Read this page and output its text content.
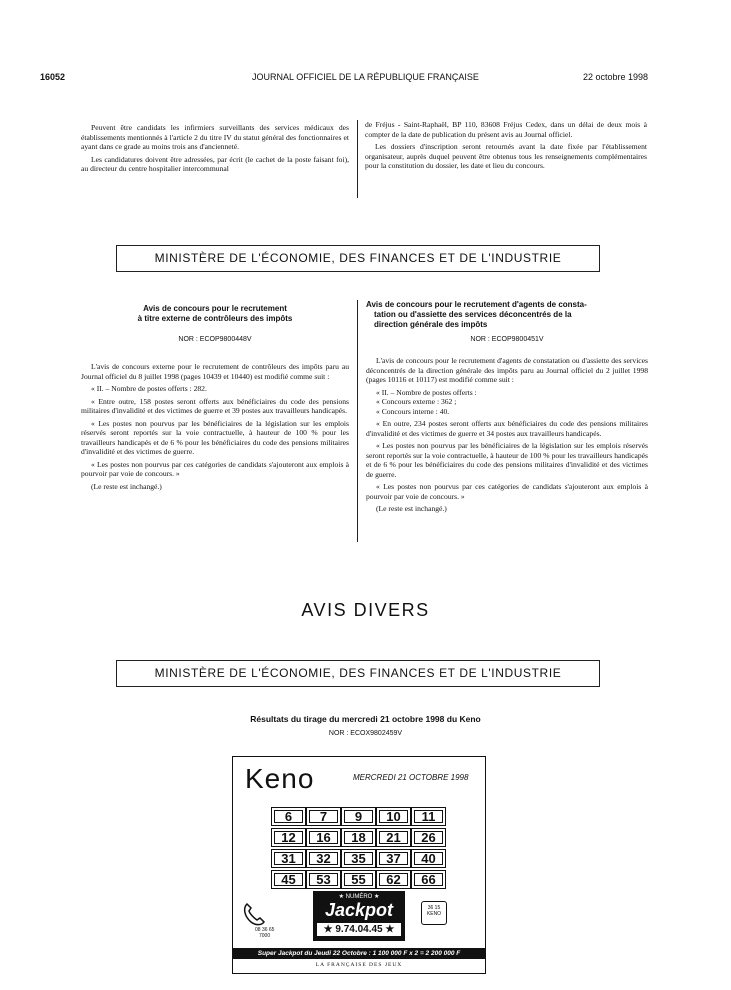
16052	JOURNAL OFFICIEL DE LA RÉPUBLIQUE FRANÇAISE	22 octobre 1998

Peuvent être candidats les infirmiers surveillants des services médicaux des établissements mentionnés à l'article 2 du titre IV du statut général des fonctionnaires et ayant dans ce grade au moins trois ans d'ancienneté.

Les candidatures doivent être adressées, par écrit (le cachet de la poste faisant foi), au directeur du centre hospitalier intercommunal

de Fréjus - Saint-Raphaël, BP 110, 83608 Fréjus Cedex, dans un délai de deux mois à compter de la date de publication du présent avis au Journal officiel.

Les dossiers d'inscription seront retournés avant la date fixée par l'établissement organisateur, auprès duquel peuvent être obtenus tous les renseignements complémentaires pour la constitution du dossier, les date et lieu du concours.

MINISTÈRE DE L'ÉCONOMIE, DES FINANCES ET DE L'INDUSTRIE
Avis de concours pour le recrutement
à titre externe de contrôleurs des impôts
NOR : ECOP9800448V

L'avis de concours externe pour le recrutement de contrôleurs des impôts paru au Journal officiel du 8 juillet 1998 (pages 10439 et 10440) est modifié comme suit :

« II. – Nombre de postes offerts : 282.

« Entre outre, 158 postes seront offerts aux bénéficiaires du code des pensions militaires d'invalidité et des victimes de guerre et 39 postes aux travailleurs handicapés.

« Les postes non pourvus par les bénéficiaires de la législation sur les emplois réservés seront reportés sur la voie contractuelle, à hauteur de 100 % pour les travailleurs handicapés et de 6 % pour les bénéficiaires du code des pensions militaires d'invalidité et des victimes de guerre.

« Les postes non pourvus par ces catégories de candidats s'ajouteront aux emplois à pourvoir par voie de concours. »

(Le reste est inchangé.)

Avis de concours pour le recrutement d'agents de consta-
tation ou d'assiette des services déconcentrés de la
direction générale des impôts
NOR : ECOP9800451V

L'avis de concours pour le recrutement d'agents de constatation ou d'assiette des services déconcentrés de la direction générale des impôts paru au Journal officiel du 2 juillet 1998 (pages 10116 et 10117) est modifié comme suit :

« II. – Nombre de postes offerts :

« Concours externe : 362 ;

« Concours interne : 40.

« En outre, 234 postes seront offerts aux bénéficiaires du code des pensions militaires d'invalidité et des victimes de guerre et 34 postes aux travailleurs handicapés.

« Les postes non pourvus par les bénéficiaires de la législation sur les emplois réservés seront reportés sur la voie contractuelle, à hauteur de 100 % pour les travailleurs handicapés et de 6 % pour les bénéficiaires du code des pensions militaires d'invalidité et des victimes de guerre.

« Les postes non pourvus par ces catégories de candidats s'ajouteront aux emplois à pourvoir par voie de concours. »

(Le reste est inchangé.)

AVIS DIVERS
MINISTÈRE DE L'ÉCONOMIE, DES FINANCES ET DE L'INDUSTRIE
Résultats du tirage du mercredi 21 octobre 1998 du Keno
NOR : ECOX9802459V
Keno	MERCREDI 21 OCTOBRE 1998
6	7	9	10	11
12	16	18	21	26
31	32	35	37	40
45	53	55	62	66
★ NUMÉRO ★
Jackpot
★ 9.74.04.45 ★
08 36 65
7000
36 15
KENO
Super Jackpot du Jeudi 22 Octobre : 1 100 000 F x 2 = 2 200 000 F
LA FRANÇAISE DES JEUX
